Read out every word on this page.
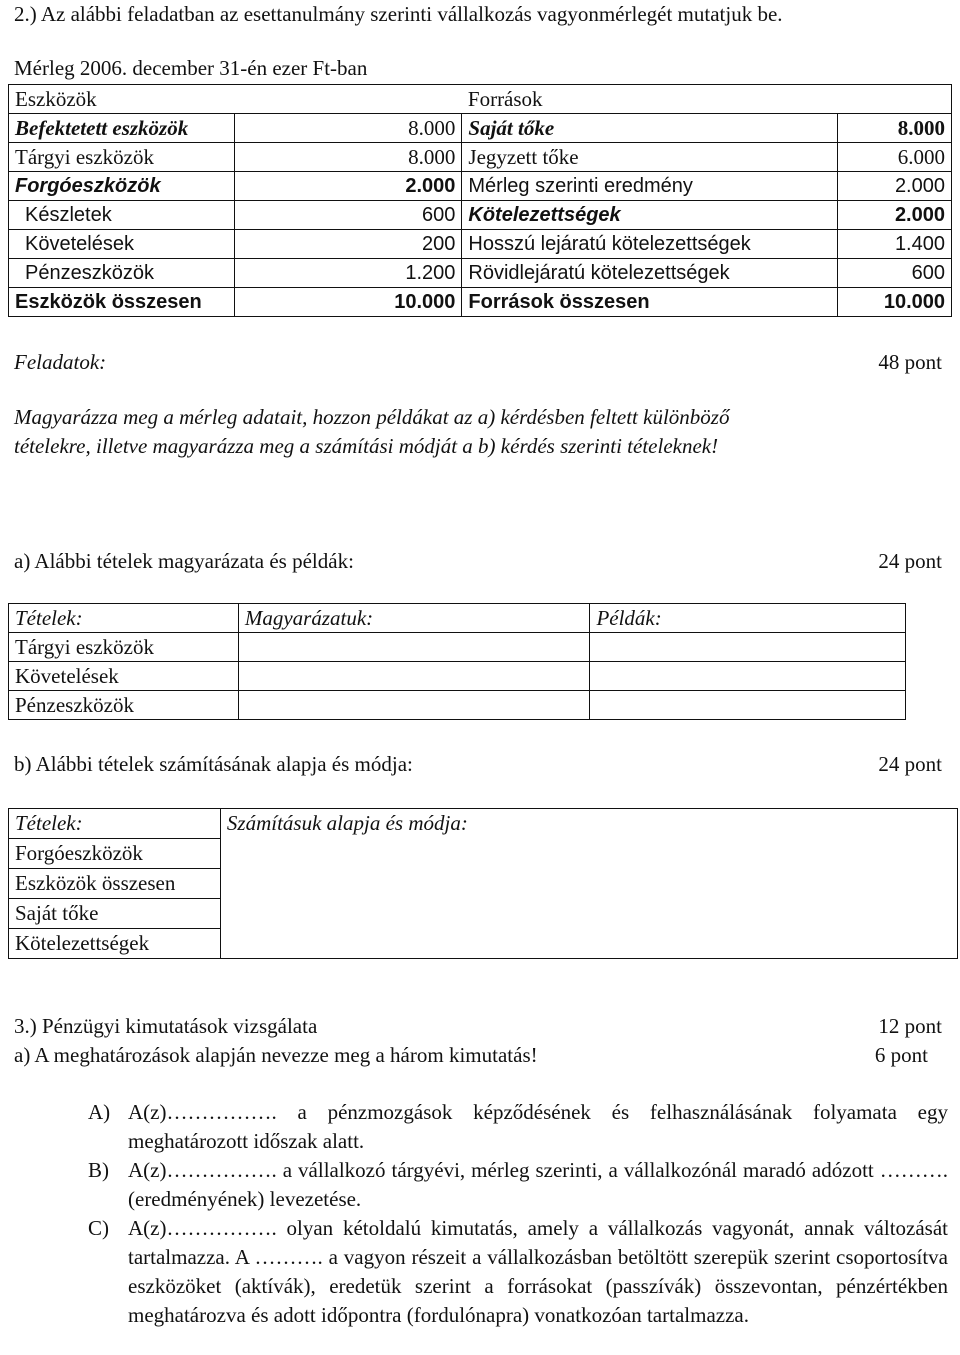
2.) Az alábbi feladatban az esettanulmány szerinti vállalkozás vagyonmérlegét mutatjuk be.
Mérleg 2006. december 31-én ezer Ft-ban
Eszközök		Források	
Befektetett eszközök	8.000	Saját tőke	8.000
Tárgyi eszközök	8.000	Jegyzett tőke	6.000
Forgóeszközök	2.000	Mérleg szerinti eredmény	2.000
Készletek	600	Kötelezettségek	2.000
Követelések	200	Hosszú lejáratú kötelezettségek	1.400
Pénzeszközök	1.200	Rövidlejáratú kötelezettségek	600
Eszközök összesen	10.000	Források összesen	10.000
Feladatok:	48 pont
Magyarázza meg a mérleg adatait, hozzon példákat az a) kérdésben feltett különböző
tételekre, illetve magyarázza meg a számítási módját a b) kérdés szerinti tételeknek!
a) Alábbi tételek magyarázata és példák:	24 pont
Tételek:	Magyarázatuk:	Példák:
Tárgyi eszközök		
Követelések		
Pénzeszközök		
b) Alábbi tételek számításának alapja és módja:	24 pont
Tételek:	Számításuk alapja és módja:
Forgóeszközök
Eszközök összesen
Saját tőke
Kötelezettségek
3.) Pénzügyi kimutatások vizsgálata	12 pont
a) A meghatározások alapján nevezze meg a három kimutatás!	6 pont
A) A(z)……………. a pénzmozgások képződésének és felhasználásának folyamata egy meghatározott időszak alatt.
B) A(z)……………. a vállalkozó tárgyévi, mérleg szerinti, a vállalkozónál maradó adózott ………. (eredményének) levezetése.
C) A(z)……………. olyan kétoldalú kimutatás, amely a vállalkozás vagyonát, annak változását tartalmazza. A ………. a vagyon részeit a vállalkozásban betöltött szerepük szerint csoportosítva eszközöket (aktívák), eredetük szerint a forrásokat (passzívák) összevontan, pénzértékben meghatározva és adott időpontra (fordulónapra) vonatkozóan tartalmazza.
